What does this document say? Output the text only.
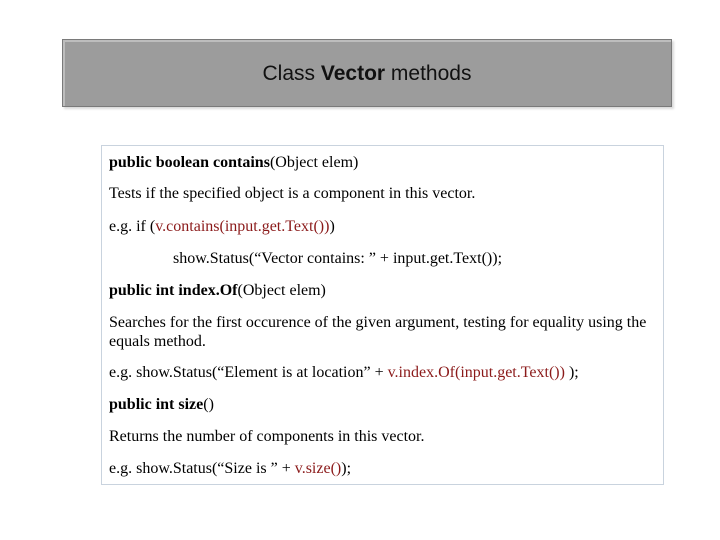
Class Vector methods

public boolean contains(Object elem)

Tests if the specified object is a component in this vector.

e.g. if (v.contains(input.get.Text()))

show.Status(“Vector contains: ” + input.get.Text());

public int index.Of(Object elem)

Searches for the first occurence of the given argument, testing for equality using the equals method.

e.g. show.Status(“Element is at location” + v.index.Of(input.get.Text()) );

public int size()

Returns the number of components in this vector.

e.g. show.Status(“Size is ” + v.size());
